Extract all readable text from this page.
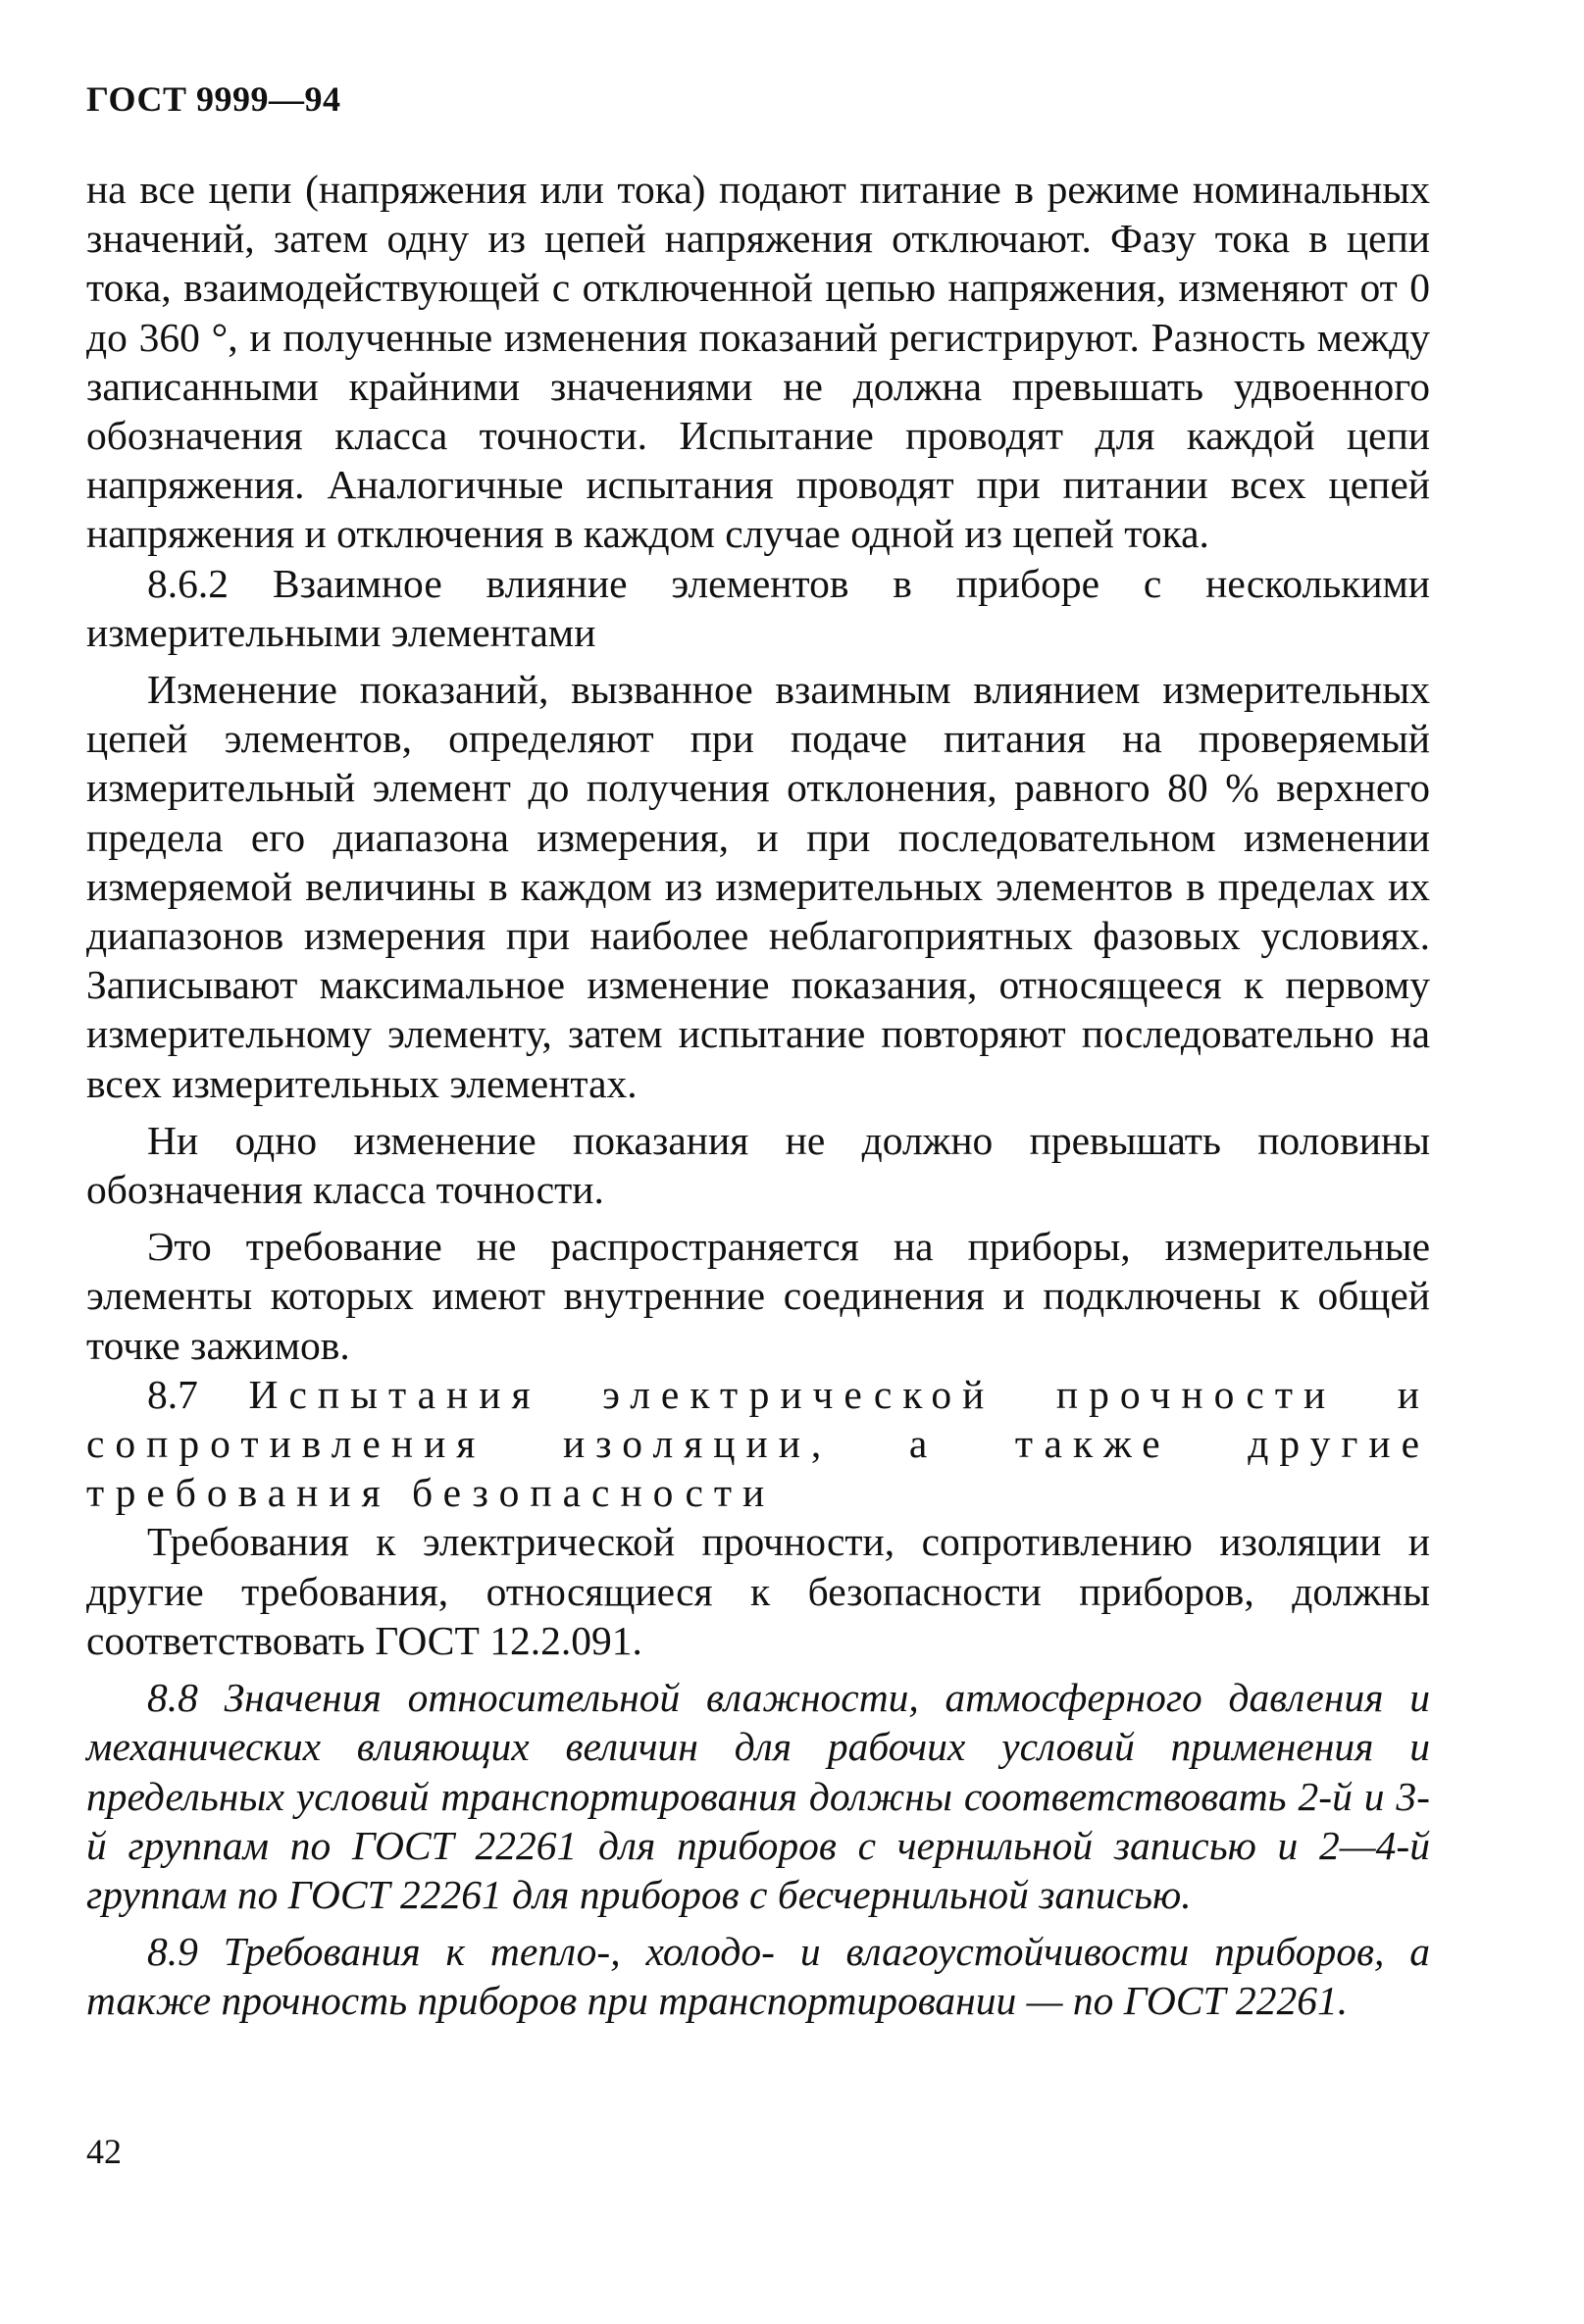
ГОСТ 9999—94

на все цепи (напряжения или тока) подают питание в режиме номинальных значений, затем одну из цепей напряжения отключают. Фазу тока в цепи тока, взаимодействующей с отключенной цепью напряжения, изменяют от 0 до 360 °, и полученные изменения показаний регистрируют. Разность между записанными крайними значениями не должна превышать удвоенного обозначения класса точности. Испытание проводят для каждой цепи напряжения. Аналогичные испытания проводят при питании всех цепей напряжения и отключения в каждом случае одной из цепей тока.

8.6.2 Взаимное влияние элементов в приборе с несколькими измерительными элементами

Изменение показаний, вызванное взаимным влиянием измерительных цепей элементов, определяют при подаче питания на проверяемый измерительный элемент до получения отклонения, равного 80 % верхнего предела его диапазона измерения, и при последовательном изменении измеряемой величины в каждом из измерительных элементов в пределах их диапазонов измерения при наиболее неблагоприятных фазовых условиях. Записывают максимальное изменение показания, относящееся к первому измерительному элементу, затем испытание повторяют последовательно на всех измерительных элементах.

Ни одно изменение показания не должно превышать половины обозначения класса точности.

Это требование не распространяется на приборы, измерительные элементы которых имеют внутренние соединения и подключены к общей точке зажимов.

8.7 Испытания электрической прочности и сопротивления изоляции, а также другие требования безопасности

Требования к электрической прочности, сопротивлению изоляции и другие требования, относящиеся к безопасности приборов, должны соответствовать ГОСТ 12.2.091.

8.8 Значения относительной влажности, атмосферного давления и механических влияющих величин для рабочих условий применения и предельных условий транспортирования должны соответствовать 2-й и 3-й группам по ГОСТ 22261 для приборов с чернильной записью и 2—4-й группам по ГОСТ 22261 для приборов с бесчернильной записью.

8.9 Требования к тепло-, холодо- и влагоустойчивости приборов, а также прочность приборов при транспортировании — по ГОСТ 22261.

42
